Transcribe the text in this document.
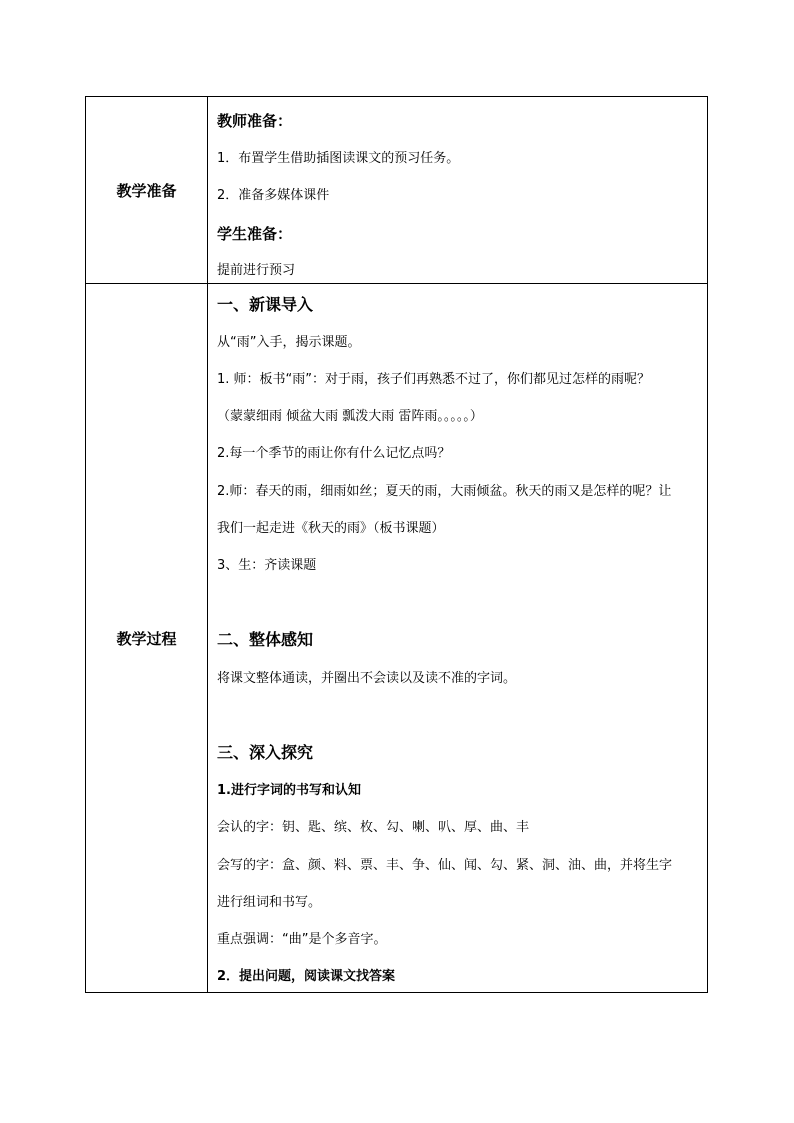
教学准备
教师准备：
1．布置学生借助插图读课文的预习任务。
2．准备多媒体课件
学生准备：
提前进行预习
教学过程
一、新课导入
从“雨”入手，揭示课题。
1. 师：板书“雨”：对于雨，孩子们再熟悉不过了，你们都见过怎样的雨呢？
（蒙蒙细雨 倾盆大雨 瓢泼大雨 雷阵雨。。。。。）
2.每一个季节的雨让你有什么记忆点吗？
2.师：春天的雨，细雨如丝；夏天的雨，大雨倾盆。秋天的雨又是怎样的呢？让
我们一起走进《秋天的雨》（板书课题）
3、生：齐读课题
二、整体感知
将课文整体通读，并圈出不会读以及读不准的字词。
三、深入探究
1.进行字词的书写和认知
会认的字：钥、匙、缤、枚、勾、喇、叭、厚、曲、丰
会写的字：盒、颜、料、票、丰、争、仙、闻、勾、紧、洞、油、曲，并将生字
进行组词和书写。
重点强调：“曲”是个多音字。
2．提出问题，阅读课文找答案
